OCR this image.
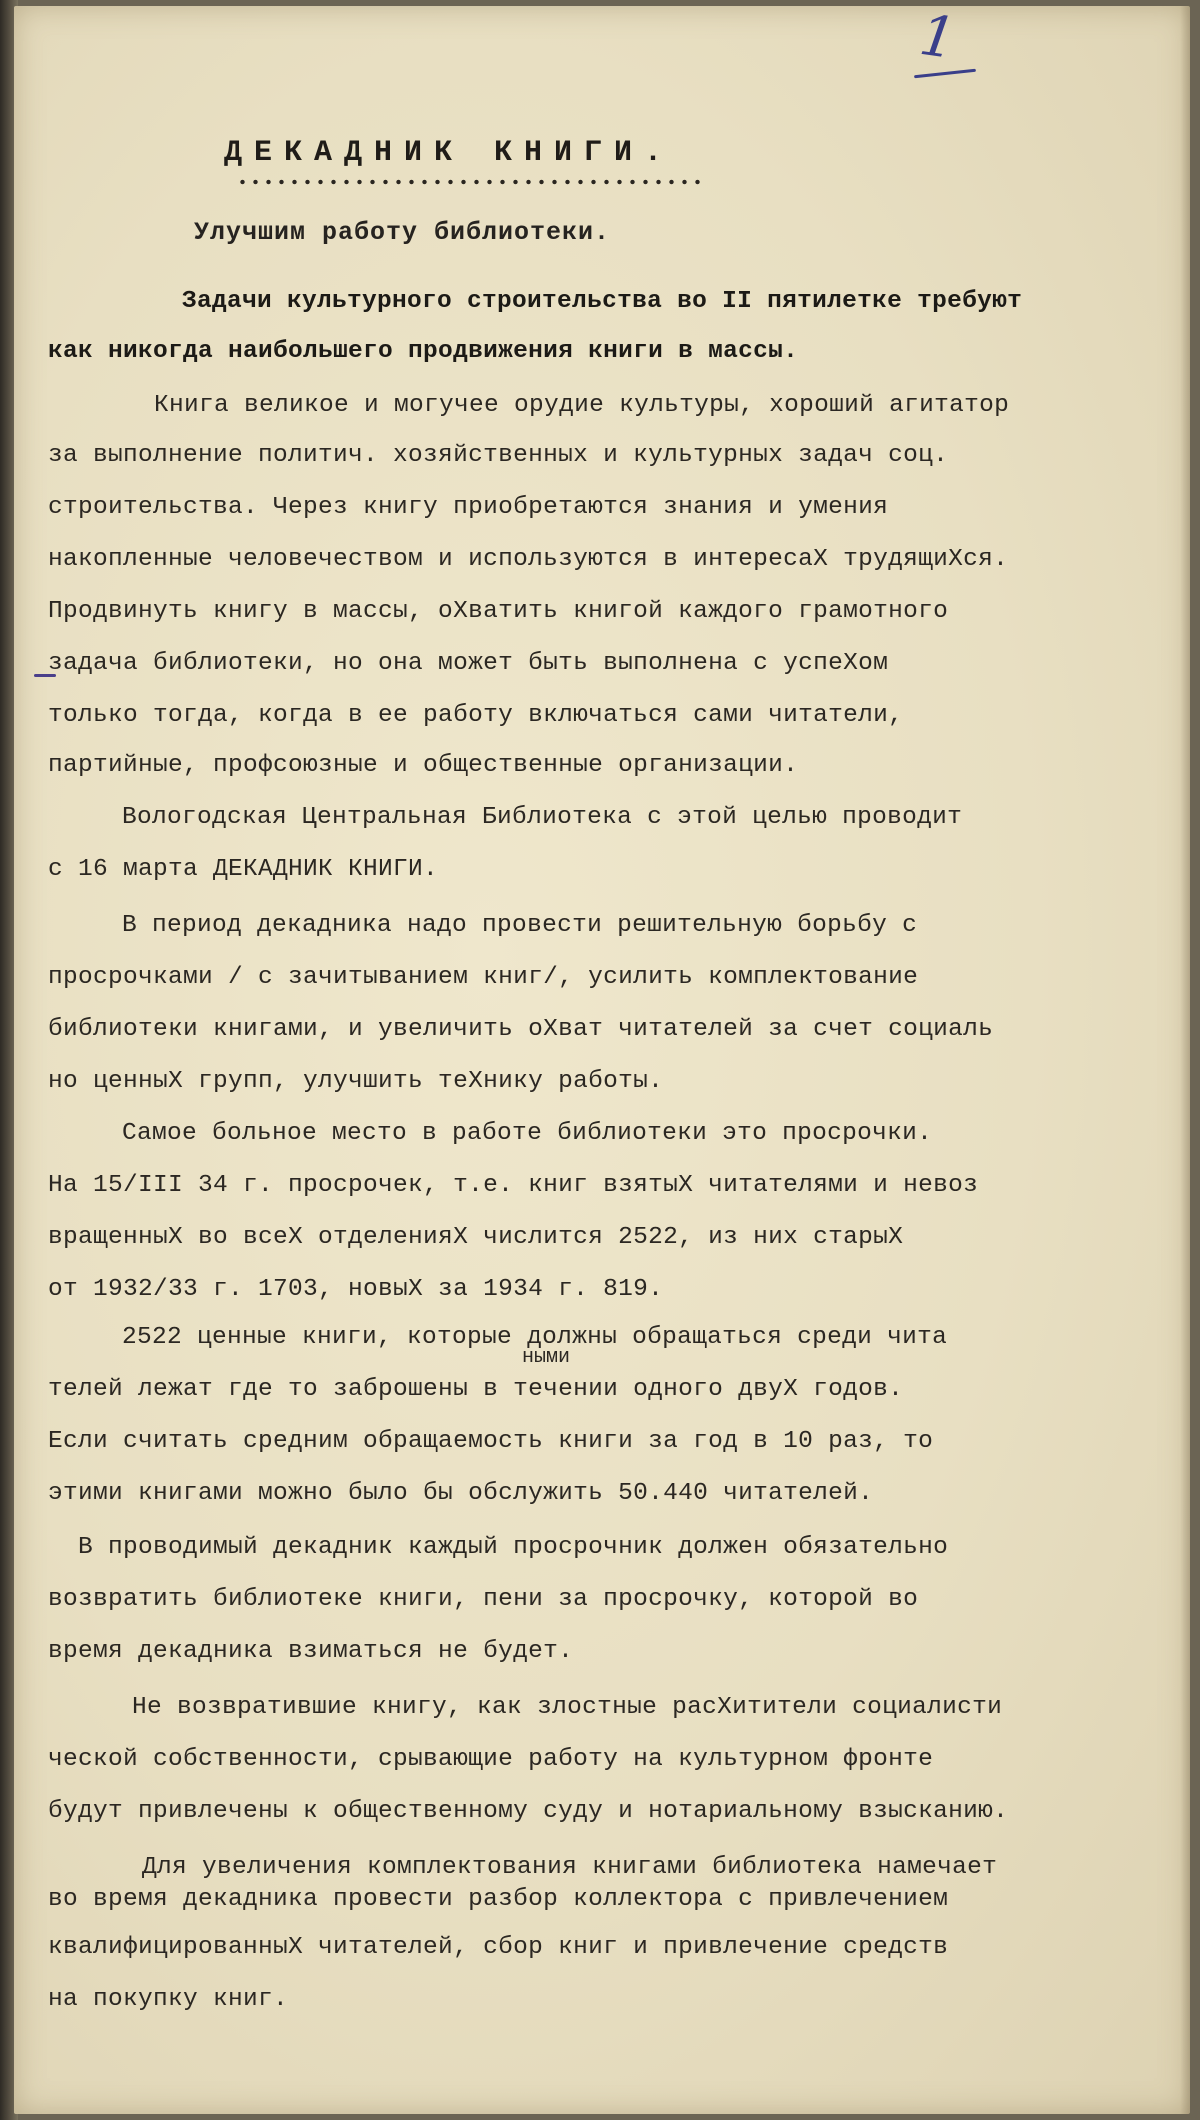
1
ДЕКАДНИК КНИГИ.
Улучшим работу библиотеки.
Задачи культурного строительства во II пятилетке требуют
как никогда наибольшего продвижения книги в массы.
Книга великое и могучее орудие культуры, хороший агитатор
за выполнение политич. хозяйственных и культурных задач соц.
строительства. Через книгу приобретаются знания и умения
накопленные человечеством и используются в интересаХ трудящиХся.
Продвинуть книгу в массы, оХватить книгой каждого грамотного
задача библиотеки, но она может быть выполнена с успеХом
только тогда, когда в ее работу включаться сами читатели,
партийные, профсоюзные и общественные организации.
Вологодская Центральная Библиотека с этой целью проводит
с 16 марта ДЕКАДНИК КНИГИ.
В период декадника надо провести решительную борьбу с
просрочками / с зачитыванием книг/, усилить комплектование
библиотеки книгами, и увеличить оХват читателей за счет социаль
но ценныХ групп, улучшить теХнику работы.
Самое больное место в работе библиотеки это просрочки.
На 15/III 34 г. просрочек, т.е. книг взятыХ читателями и невоз
вращенныХ во всеХ отделенияХ числится 2522, из них старыХ
от 1932/33 г. 1703, новыХ за 1934 г. 819.
2522 ценные книги, которые должны обращаться среди чита
ными
телей лежат где то заброшены в течении одного двуХ годов.
Если считать средним обращаемость книги за год в 10 раз, то
этими книгами можно было бы обслужить 50.440 читателей.
В проводимый декадник каждый просрочник должен обязательно
возвратить библиотеке книги, пени за просрочку, которой во
время декадника взиматься не будет.
Не возвратившие книгу, как злостные расХитители социалисти
ческой собственности, срывающие работу на культурном фронте
будут привлечены к общественному суду и нотариальному взысканию.
Для увеличения комплектования книгами библиотека намечает
во время декадника провести разбор коллектора с привлечением
квалифицированныХ читателей, сбор книг и привлечение средств
на покупку книг.
